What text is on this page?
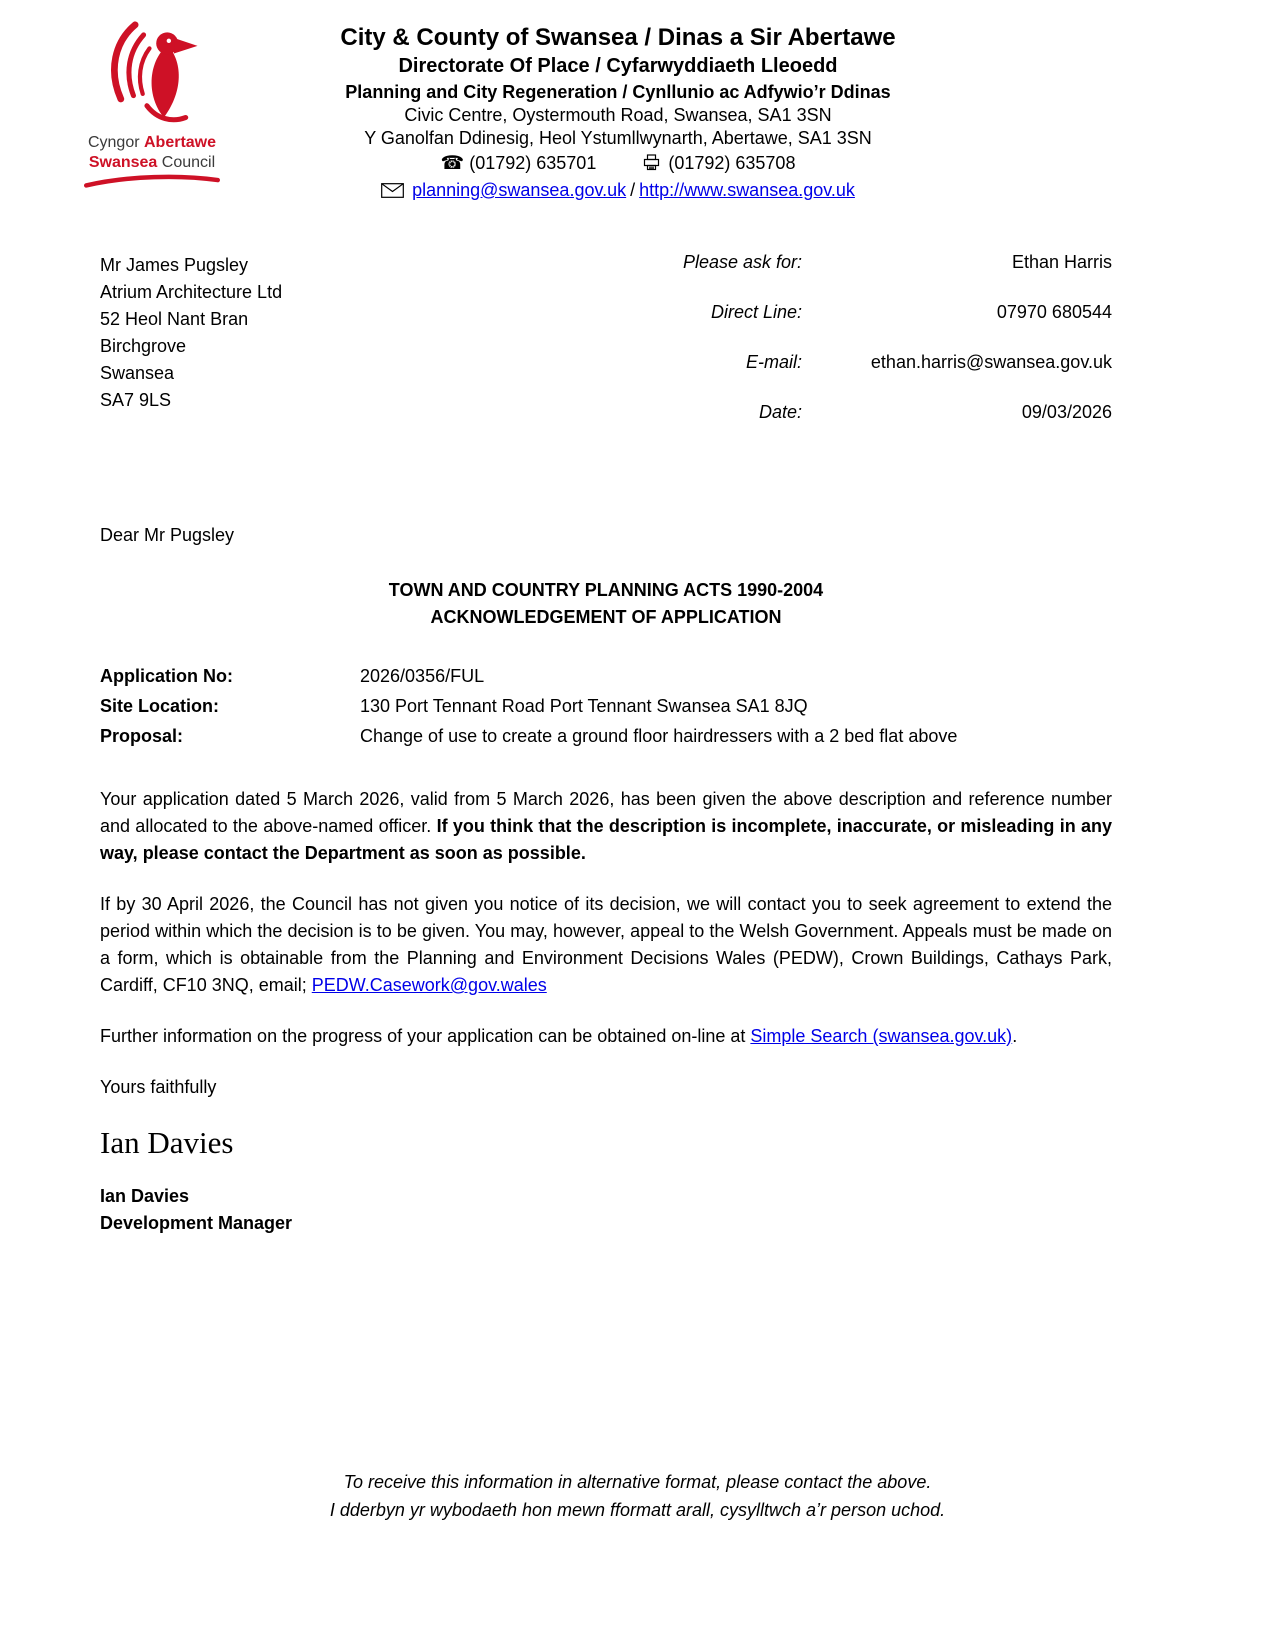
Cyngor Abertawe
Swansea Council
City & County of Swansea / Dinas a Sir Abertawe
Directorate Of Place / Cyfarwyddiaeth Lleoedd
Planning and City Regeneration / Cynllunio ac Adfywio’r Ddinas
Civic Centre, Oystermouth Road, Swansea, SA1 3SN
Y Ganolfan Ddinesig, Heol Ystumllwynarth, Abertawe, SA1 3SN
☎ (01792) 635701	(01792) 635708
planning@swansea.gov.uk / http://www.swansea.gov.uk
Mr James Pugsley
Atrium Architecture Ltd
52 Heol Nant Bran
Birchgrove
Swansea
SA7 9LS
Please ask for:	Ethan Harris
Direct Line:	07970 680544
E-mail:	ethan.harris@swansea.gov.uk
Date:	09/03/2026
Dear Mr Pugsley
TOWN AND COUNTRY PLANNING ACTS 1990-2004
ACKNOWLEDGEMENT OF APPLICATION
Application No:	2026/0356/FUL
Site Location:	130 Port Tennant Road Port Tennant Swansea SA1 8JQ
Proposal:	Change of use to create a ground floor hairdressers with a 2 bed flat above
Your application dated 5 March 2026, valid from 5 March 2026, has been given the above description and reference number and allocated to the above-named officer. If you think that the description is incomplete, inaccurate, or misleading in any way, please contact the Department as soon as possible.
If by 30 April 2026, the Council has not given you notice of its decision, we will contact you to seek agreement to extend the period within which the decision is to be given. You may, however, appeal to the Welsh Government. Appeals must be made on a form, which is obtainable from the Planning and Environment Decisions Wales (PEDW), Crown Buildings, Cathays Park, Cardiff, CF10 3NQ, email; PEDW.Casework@gov.wales
Further information on the progress of your application can be obtained on-line at Simple Search (swansea.gov.uk).
Yours faithfully
Ian Davies
Ian Davies
Development Manager
To receive this information in alternative format, please contact the above.
I dderbyn yr wybodaeth hon mewn fformatt arall, cysylltwch a’r person uchod.
